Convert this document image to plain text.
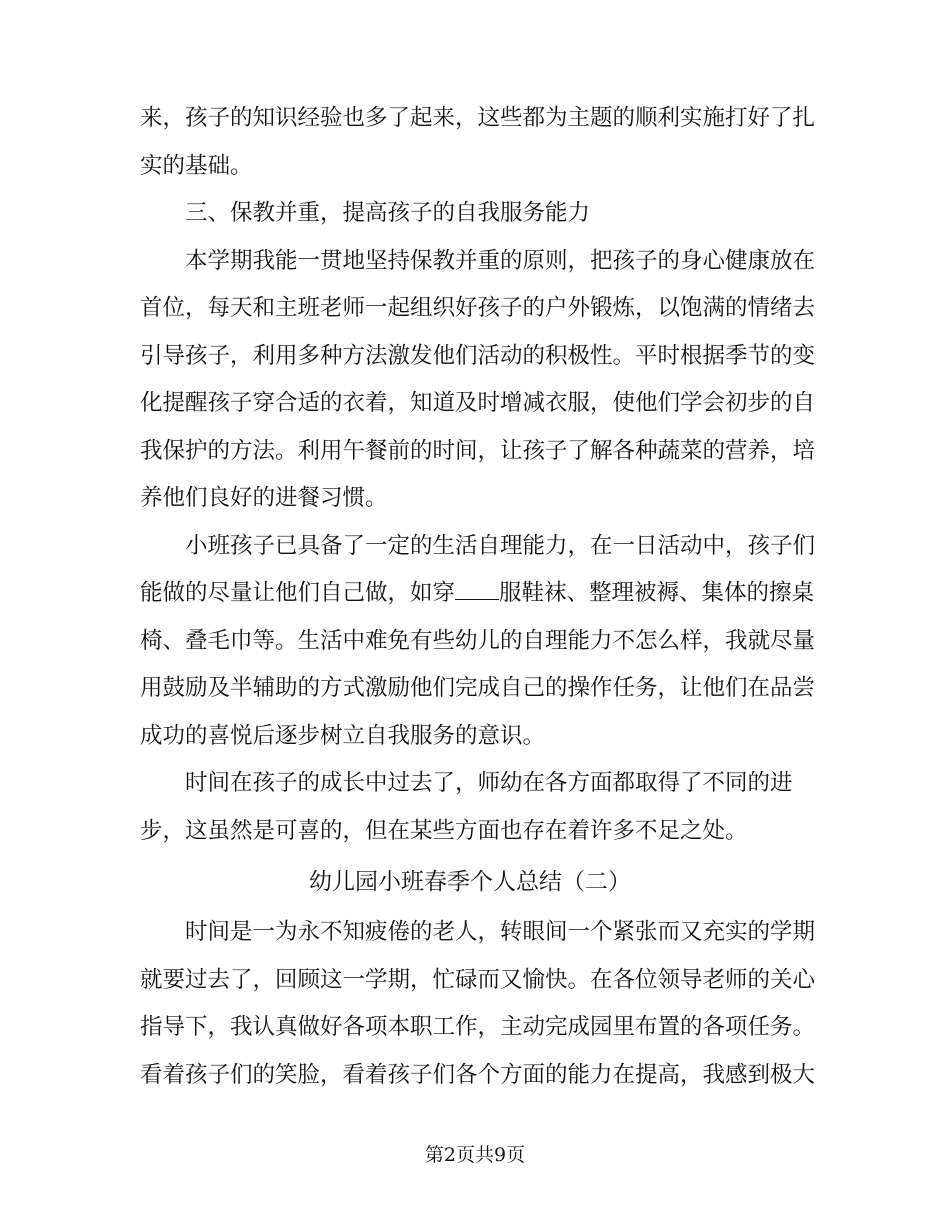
来，孩子的知识经验也多了起来，这些都为主题的顺利实施打好了扎
实的基础。
三、保教并重，提高孩子的自我服务能力
本学期我能一贯地坚持保教并重的原则，把孩子的身心健康放在
首位，每天和主班老师一起组织好孩子的户外锻炼，以饱满的情绪去
引导孩子，利用多种方法激发他们活动的积极性。平时根据季节的变
化提醒孩子穿合适的衣着，知道及时增减衣服，使他们学会初步的自
我保护的方法。利用午餐前的时间，让孩子了解各种蔬菜的营养，培
养他们良好的进餐习惯。
小班孩子已具备了一定的生活自理能力，在一日活动中，孩子们
能做的尽量让他们自己做，如穿 服鞋袜、整理被褥、集体的擦桌
椅、叠毛巾等。生活中难免有些幼儿的自理能力不怎么样，我就尽量
用鼓励及半辅助的方式激励他们完成自己的操作任务，让他们在品尝
成功的喜悦后逐步树立自我服务的意识。
时间在孩子的成长中过去了，师幼在各方面都取得了不同的进
步，这虽然是可喜的，但在某些方面也存在着许多不足之处。
幼儿园小班春季个人总结（二）
时间是一为永不知疲倦的老人，转眼间一个紧张而又充实的学期
就要过去了，回顾这一学期，忙碌而又愉快。在各位领导老师的关心
指导下，我认真做好各项本职工作，主动完成园里布置的各项任务。
看着孩子们的笑脸，看着孩子们各个方面的能力在提高，我感到极大
第2页共9页
